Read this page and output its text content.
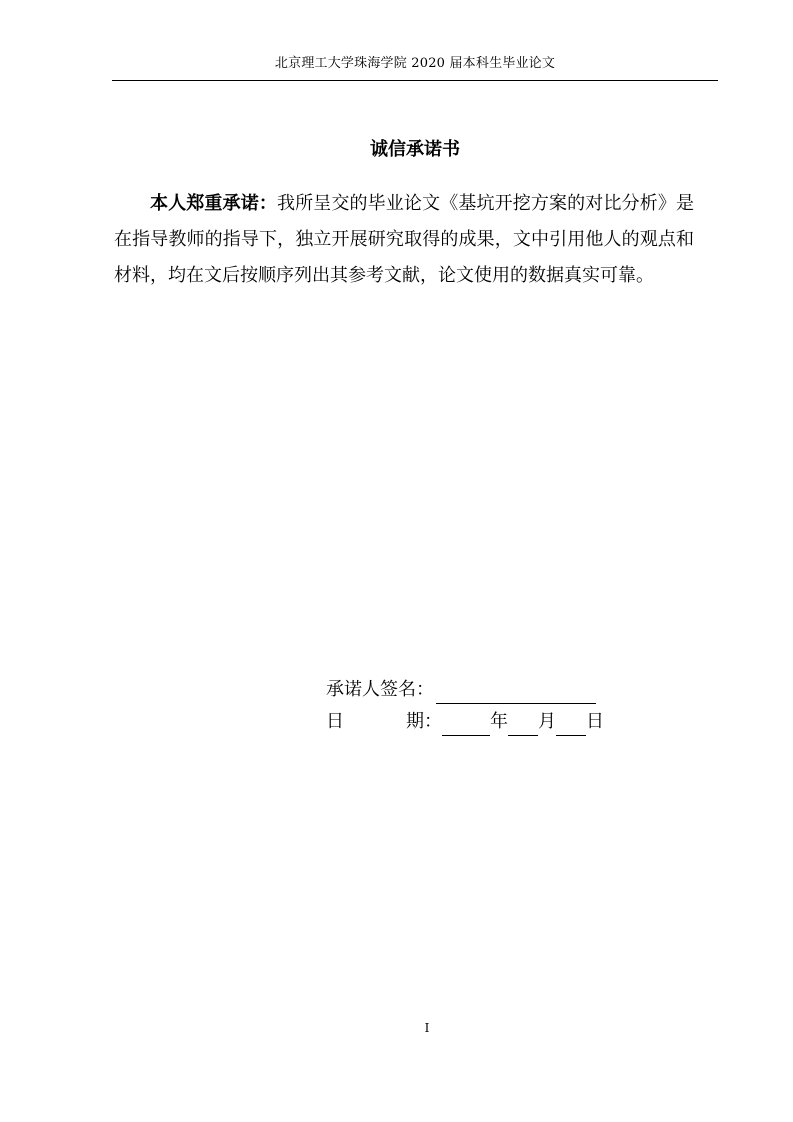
北京理工大学珠海学院 2020 届本科生毕业论文
诚信承诺书
本人郑重承诺：我所呈交的毕业论文《基坑开挖方案的对比分析》是在指导教师的指导下，独立开展研究取得的成果，文中引用他人的观点和材料，均在文后按顺序列出其参考文献，论文使用的数据真实可靠。
承诺人签名：
日	期：	年 月 日
I
